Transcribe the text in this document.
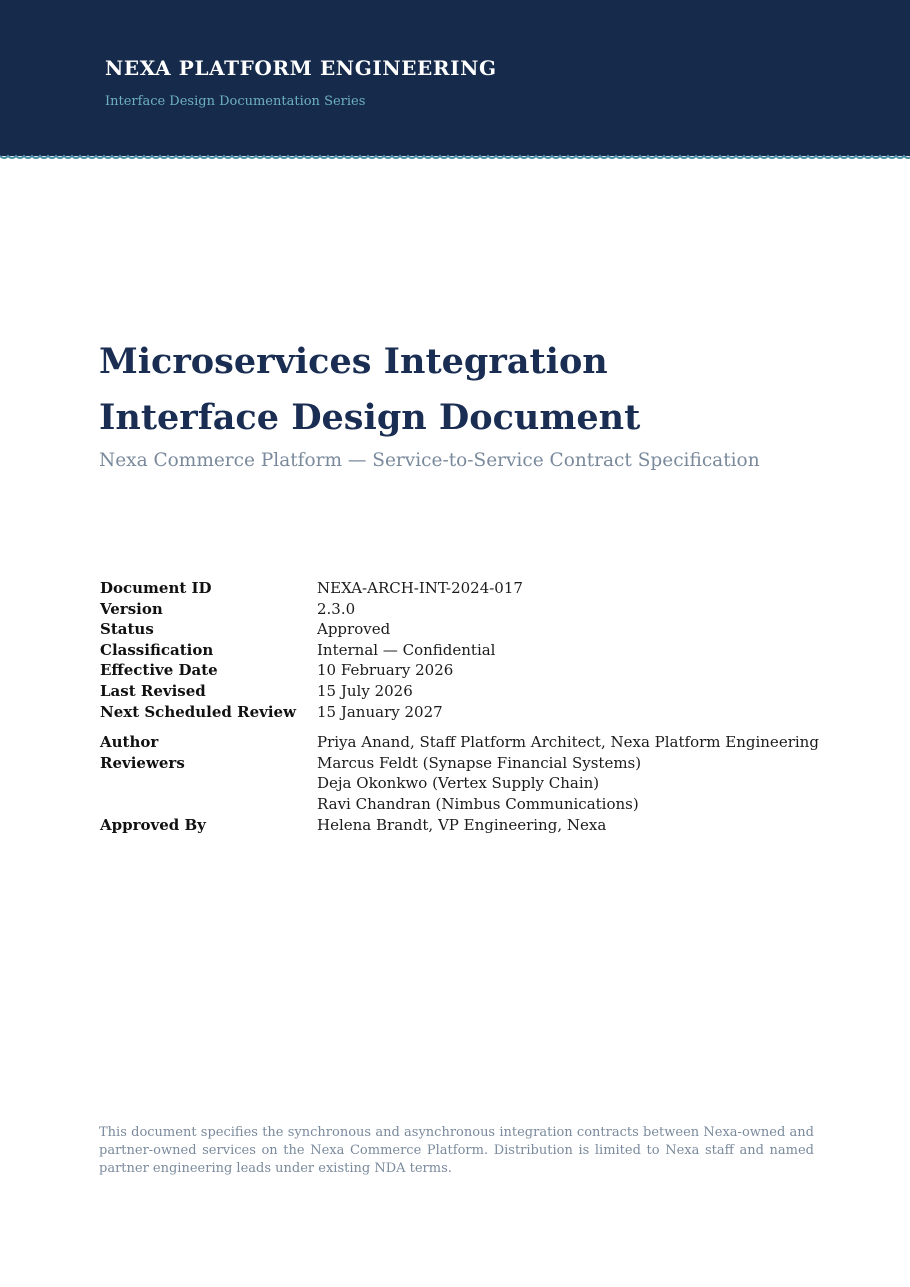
NEXA PLATFORM ENGINEERING
Interface Design Documentation Series
Microservices Integration
Interface Design Document
Nexa Commerce Platform — Service-to-Service Contract Specification
Document ID	NEXA-ARCH-INT-2024-017
Version	2.3.0
Status	Approved
Classification	Internal — Confidential
Effective Date	10 February 2026
Last Revised	15 July 2026
Next Scheduled Review	15 January 2027
Author	Priya Anand, Staff Platform Architect, Nexa Platform Engineering
Reviewers	Marcus Feldt (Synapse Financial Systems)
Deja Okonkwo (Vertex Supply Chain)
Ravi Chandran (Nimbus Communications)
Approved By	Helena Brandt, VP Engineering, Nexa
This document specifies the synchronous and asynchronous integration contracts between Nexa-owned and partner-owned services on the Nexa Commerce Platform. Distribution is limited to Nexa staff and named partner engineering leads under existing NDA terms.
